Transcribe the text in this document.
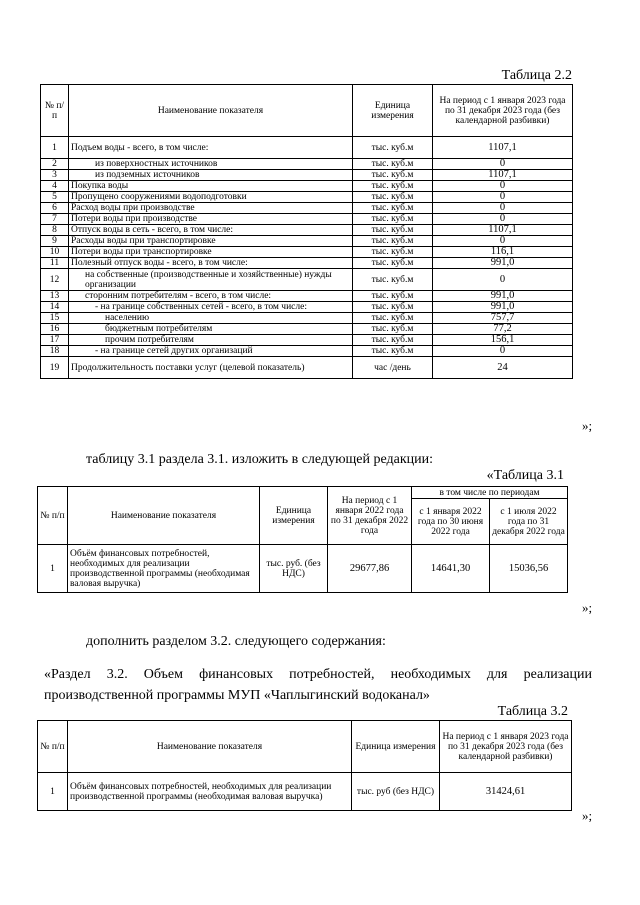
Таблица 2.2
№ п/п	Наименование показателя	Единица измерения	На период с 1 января 2023 года по 31 декабря 2023 года (без календарной разбивки)
1	Подъем воды - всего, в том числе:	тыс. куб.м	1107,1
2	из поверхностных источников	тыс. куб.м	0
3	из подземных источников	тыс. куб.м	1107,1
4	Покупка воды	тыс. куб.м	0
5	Пропущено сооружениями водоподготовки	тыс. куб.м	0
6	Расход воды при производстве	тыс. куб.м	0
7	Потери воды при производстве	тыс. куб.м	0
8	Отпуск воды в сеть - всего, в том числе:	тыс. куб.м	1107,1
9	Расходы воды при транспортировке	тыс. куб.м	0
10	Потери воды при транспортировке	тыс. куб.м	116,1
11	Полезный отпуск воды - всего, в том числе:	тыс. куб.м	991,0
12	на собственные (производственные и хозяйственные) нужды организации	тыс. куб.м	0
13	сторонним потребителям - всего, в том числе:	тыс. куб.м	991,0
14	- на границе собственных сетей - всего, в том числе:	тыс. куб.м	991,0
15	населению	тыс. куб.м	757,7
16	бюджетным потребителям	тыс. куб.м	77,2
17	прочим потребителям	тыс. куб.м	156,1
18	- на границе сетей других организаций	тыс. куб.м	0
19	Продолжительность поставки услуг (целевой показатель)	час /день	24
»;
таблицу 3.1 раздела 3.1. изложить в следующей редакции:
«Таблица 3.1
№ п/п	Наименование показателя	Единица измерения	На период с 1 января 2022 года по 31 декабря 2022 года	в том числе по периодам	
				с 1 января 2022 года по 30 июня 2022 года	с 1 июля 2022 года по 31 декабря 2022 года
1	Объём финансовых потребностей, необходимых для реализации производственной программы (необходимая валовая выручка)	тыс. руб. (без НДС)	29677,86	14641,30	15036,56
»;
дополнить разделом 3.2. следующего содержания:
«Раздел 3.2. Объем финансовых потребностей, необходимых для реализации производственной программы МУП «Чаплыгинский водоканал»
Таблица 3.2
№ п/п	Наименование показателя	Единица измерения	На период с 1 января 2023 года по 31 декабря 2023 года (без календарной разбивки)
1	Объём финансовых потребностей, необходимых для реализации производственной программы (необходимая валовая выручка)	тыс. руб (без НДС)	31424,61
»;
